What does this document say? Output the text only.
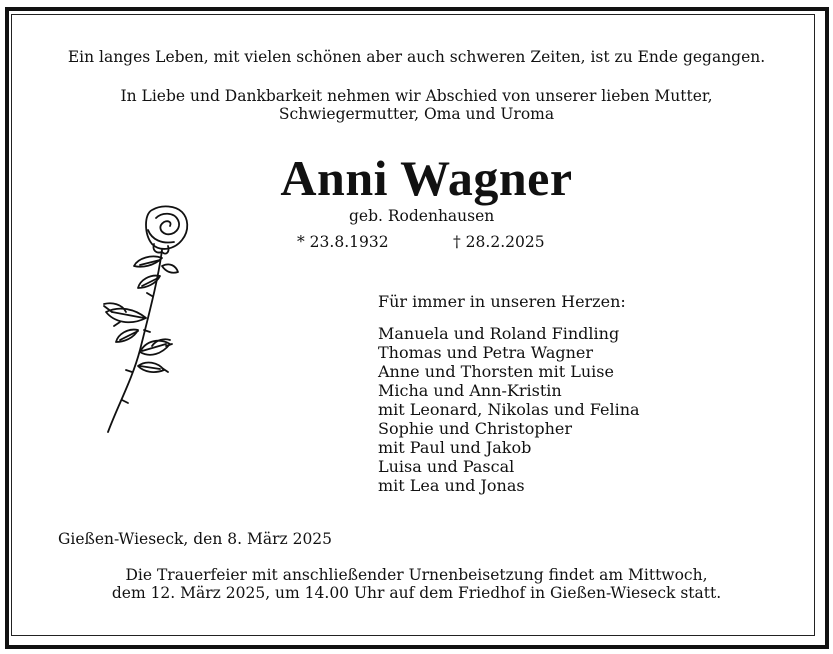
Ein langes Leben, mit vielen schönen aber auch schweren Zeiten, ist zu Ende gegangen.
In Liebe und Dankbarkeit nehmen wir Abschied von unserer lieben Mutter,
Schwiegermutter, Oma und Uroma
Anni Wagner
geb. Rodenhausen
* 23.8.1932	† 28.2.2025
Für immer in unseren Herzen:
Manuela und Roland Findling
Thomas und Petra Wagner
Anne und Thorsten mit Luise
Micha und Ann-Kristin
mit Leonard, Nikolas und Felina
Sophie und Christopher
mit Paul und Jakob
Luisa und Pascal
mit Lea und Jonas
Gießen-Wieseck, den 8. März 2025
Die Trauerfeier mit anschließender Urnenbeisetzung findet am Mittwoch,
dem 12. März 2025, um 14.00 Uhr auf dem Friedhof in Gießen-Wieseck statt.
